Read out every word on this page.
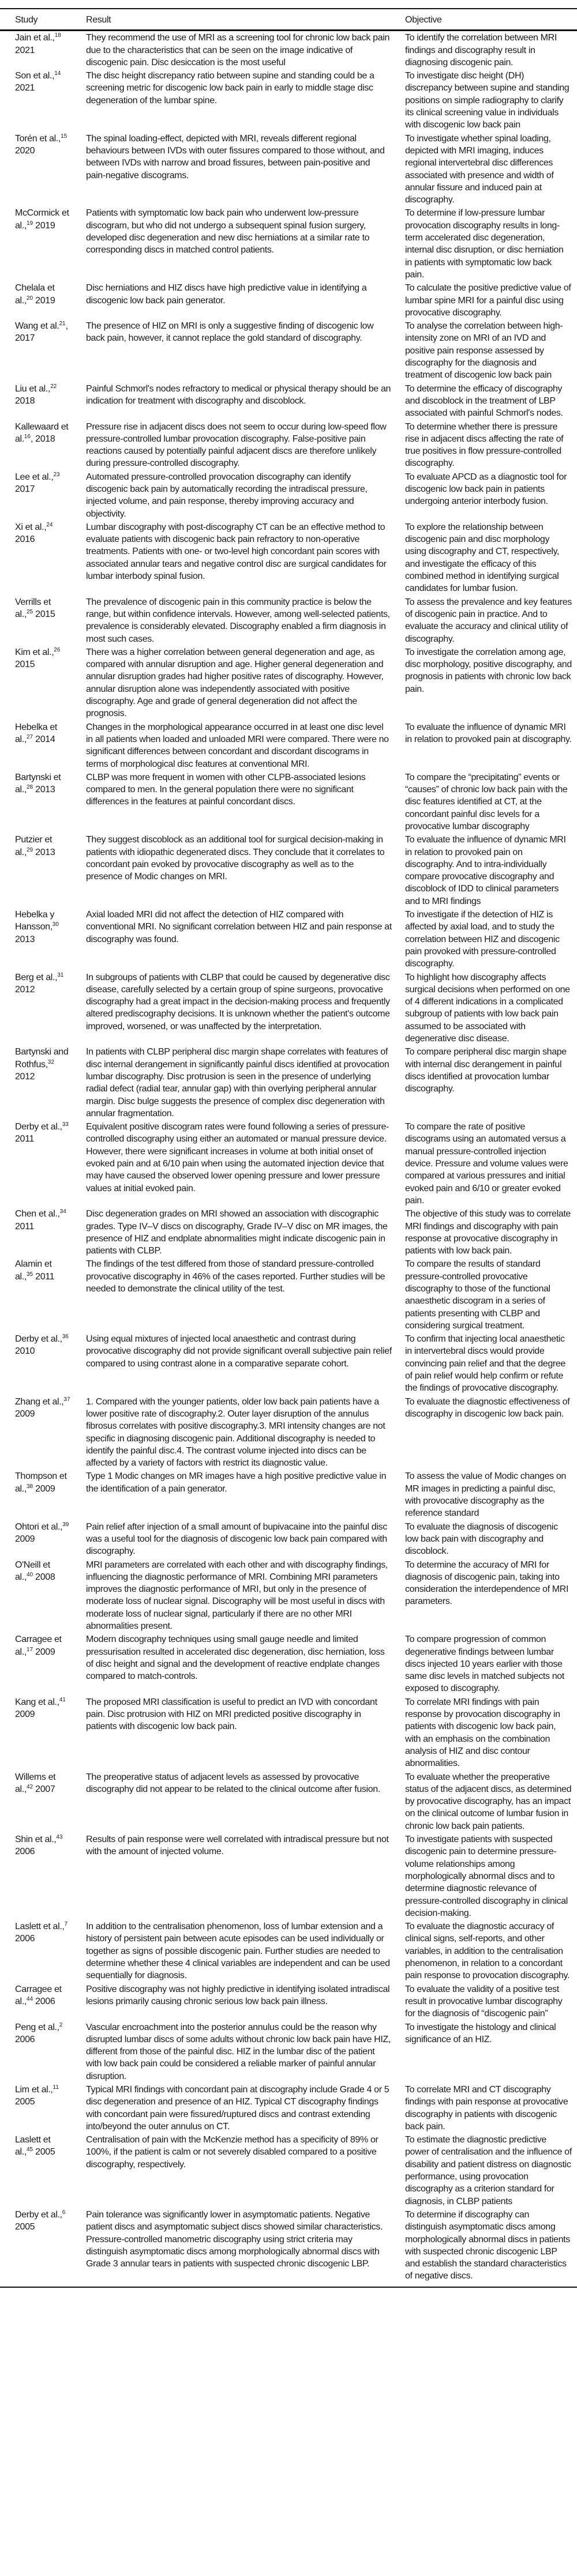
Study	Result	Objective
Jain et al.,$^{18}$ 2021
They recommend the use of MRI as a screening tool for chronic low back pain due to the characteristics that can be seen on the image indicative of discogenic pain. Disc desiccation is the most useful
To identify the correlation between MRI findings and discography result in diagnosing discogenic pain.
Son et al.,$^{14}$ 2021
The disc height discrepancy ratio between supine and standing could be a screening metric for discogenic low back pain in early to middle stage disc degeneration of the lumbar spine.
To investigate disc height (DH) discrepancy between supine and standing positions on simple radiography to clarify its clinical screening value in individuals with discogenic low back pain
Torén et al.,$^{15}$ 2020
The spinal loading-effect, depicted with MRI, reveals different regional behaviours between IVDs with outer fissures compared to those without, and between IVDs with narrow and broad fissures, between pain-positive and pain-negative discograms.
To investigate whether spinal loading, depicted with MRI imaging, induces regional intervertebral disc differences associated with presence and width of annular fissure and induced pain at discography.
McCormick et al.,$^{19}$ 2019
Patients with symptomatic low back pain who underwent low-pressure discogram, but who did not undergo a subsequent spinal fusion surgery, developed disc degeneration and new disc herniations at a similar rate to corresponding discs in matched control patients.
To determine if low-pressure lumbar provocation discography results in long-term accelerated disc degeneration, internal disc disruption, or disc herniation in patients with symptomatic low back pain.
Chelala et al.,$^{20}$ 2019
Disc herniations and HIZ discs have high predictive value in identifying a discogenic low back pain generator.
To calculate the positive predictive value of lumbar spine MRI for a painful disc using provocative discography.
Wang et al.$^{21}$, 2017
The presence of HIZ on MRI is only a suggestive finding of discogenic low back pain, however, it cannot replace the gold standard of discography.
To analyse the correlation between high-intensity zone on MRI of an IVD and positive pain response assessed by discography for the diagnosis and treatment of discogenic low back pain
Liu et al.,$^{22}$ 2018
Painful Schmorl's nodes refractory to medical or physical therapy should be an indication for treatment with discography and discoblock.
To determine the efficacy of discography and discoblock in the treatment of LBP associated with painful Schmorl's nodes.
Kallewaard et al.$^{16}$, 2018
Pressure rise in adjacent discs does not seem to occur during low-speed flow pressure-controlled lumbar provocation discography. False-positive pain reactions caused by potentially painful adjacent discs are therefore unlikely during pressure-controlled discography.
To determine whether there is pressure rise in adjacent discs affecting the rate of true positives in flow pressure-controlled discography.
Lee et al.,$^{23}$ 2017
Automated pressure-controlled provocation discography can identify discogenic back pain by automatically recording the intradiscal pressure, injected volume, and pain response, thereby improving accuracy and objectivity.
To evaluate APCD as a diagnostic tool for discogenic low back pain in patients undergoing anterior interbody fusion.
Xi et al.,$^{24}$ 2016
Lumbar discography with post-discography CT can be an effective method to evaluate patients with discogenic back pain refractory to non-operative treatments. Patients with one- or two-level high concordant pain scores with associated annular tears and negative control disc are surgical candidates for lumbar interbody spinal fusion.
To explore the relationship between discogenic pain and disc morphology using discography and CT, respectively, and investigate the efficacy of this combined method in identifying surgical candidates for lumbar fusion.
Verrills et al.,$^{25}$ 2015
The prevalence of discogenic pain in this community practice is below the range, but within confidence intervals. However, among well-selected patients, prevalence is considerably elevated. Discography enabled a firm diagnosis in most such cases.
To assess the prevalence and key features of discogenic pain in practice. And to evaluate the accuracy and clinical utility of discography.
Kim et al.,$^{26}$ 2015
There was a higher correlation between general degeneration and age, as compared with annular disruption and age. Higher general degeneration and annular disruption grades had higher positive rates of discography. However, annular disruption alone was independently associated with positive discography. Age and grade of general degeneration did not affect the prognosis.
To investigate the correlation among age, disc morphology, positive discography, and prognosis in patients with chronic low back pain.
Hebelka et al.,$^{27}$ 2014
Changes in the morphological appearance occurred in at least one disc level in all patients when loaded and unloaded MRI were compared. There were no significant differences between concordant and discordant discograms in terms of morphological disc features at conventional MRI.
To evaluate the influence of dynamic MRI in relation to provoked pain at discography.
Bartynski et al.,$^{28}$ 2013
CLBP was more frequent in women with other CLPB-associated lesions compared to men. In the general population there were no significant differences in the features at painful concordant discs.
To compare the “precipitating” events or “causes” of chronic low back pain with the disc features identified at CT, at the concordant painful disc levels for a provocative lumbar discography
Putzier et al.,$^{29}$ 2013
They suggest discoblock as an additional tool for surgical decision-making in patients with idiopathic degenerated discs. They conclude that it correlates to concordant pain evoked by provocative discography as well as to the presence of Modic changes on MRI.
To evaluate the influence of dynamic MRI in relation to provoked pain on discography. And to intra-individually compare provocative discography and discoblock of IDD to clinical parameters and to MRI findings
Hebelka y Hansson,$^{30}$ 2013
Axial loaded MRI did not affect the detection of HIZ compared with conventional MRI. No significant correlation between HIZ and pain response at discography was found.
To investigate if the detection of HIZ is affected by axial load, and to study the correlation between HIZ and discogenic pain provoked with pressure-controlled discography.
Berg et al.,$^{31}$ 2012
In subgroups of patients with CLBP that could be caused by degenerative disc disease, carefully selected by a certain group of spine surgeons, provocative discography had a great impact in the decision-making process and frequently altered prediscography decisions. It is unknown whether the patient's outcome improved, worsened, or was unaffected by the interpretation.
To highlight how discography affects surgical decisions when performed on one of 4 different indications in a complicated subgroup of patients with low back pain assumed to be associated with degenerative disc disease.
Bartynski and Rothfus,$^{32}$ 2012
In patients with CLBP peripheral disc margin shape correlates with features of disc internal derangement in significantly painful discs identified at provocation lumbar discography. Disc protrusion is seen in the presence of underlying radial defect (radial tear, annular gap) with thin overlying peripheral annular margin. Disc bulge suggests the presence of complex disc degeneration with annular fragmentation.
To compare peripheral disc margin shape with internal disc derangement in painful discs identified at provocation lumbar discography.
Derby et al.,$^{33}$ 2011
Equivalent positive discogram rates were found following a series of pressure-controlled discography using either an automated or manual pressure device. However, there were significant increases in volume at both initial onset of evoked pain and at 6/10 pain when using the automated injection device that may have caused the observed lower opening pressure and lower pressure values at initial evoked pain.
To compare the rate of positive discograms using an automated versus a manual pressure-controlled injection device. Pressure and volume values were compared at various pressures and initial evoked pain and 6/10 or greater evoked pain.
Chen et al.,$^{34}$ 2011
Disc degeneration grades on MRI showed an association with discographic grades. Type IV–V discs on discography, Grade IV–V disc on MR images, the presence of HIZ and endplate abnormalities might indicate discogenic pain in patients with CLBP.
The objective of this study was to correlate MRI findings and discography with pain response at provocative discography in patients with low back pain.
Alamin et al.,$^{35}$ 2011
The findings of the test differed from those of standard pressure-controlled provocative discography in 46% of the cases reported. Further studies will be needed to demonstrate the clinical utility of the test.
To compare the results of standard pressure-controlled provocative discography to those of the functional anaesthetic discogram in a series of patients presenting with CLBP and considering surgical treatment.
Derby et al.,$^{36}$ 2010
Using equal mixtures of injected local anaesthetic and contrast during provocative discography did not provide significant overall subjective pain relief compared to using contrast alone in a comparative separate cohort.
To confirm that injecting local anaesthetic in intervertebral discs would provide convincing pain relief and that the degree of pain relief would help confirm or refute the findings of provocative discography.
Zhang et al.,$^{37}$ 2009
1. Compared with the younger patients, older low back pain patients have a lower positive rate of discography.2. Outer layer disruption of the annulus fibrosus correlates with positive discography.3. MRI intensity changes are not specific in diagnosing discogenic pain. Additional discography is needed to identify the painful disc.4. The contrast volume injected into discs can be affected by a variety of factors with restrict its diagnostic value.
To evaluate the diagnostic effectiveness of discography in discogenic low back pain.
Thompson et al.,$^{38}$ 2009
Type 1 Modic changes on MR images have a high positive predictive value in the identification of a pain generator.
To assess the value of Modic changes on MR images in predicting a painful disc, with provocative discography as the reference standard
Ohtori et al.,$^{39}$ 2009
Pain relief after injection of a small amount of bupivacaine into the painful disc was a useful tool for the diagnosis of discogenic low back pain compared with discography.
To evaluate the diagnosis of discogenic low back pain with discography and discoblock.
O'Neill et al.,$^{40}$ 2008
MRI parameters are correlated with each other and with discography findings, influencing the diagnostic performance of MRI. Combining MRI parameters improves the diagnostic performance of MRI, but only in the presence of moderate loss of nuclear signal. Discography will be most useful in discs with moderate loss of nuclear signal, particularly if there are no other MRI abnormalities present.
To determine the accuracy of MRI for diagnosis of discogenic pain, taking into consideration the interdependence of MRI parameters.
Carragee et al.,$^{17}$ 2009
Modern discography techniques using small gauge needle and limited pressurisation resulted in accelerated disc degeneration, disc herniation, loss of disc height and signal and the development of reactive endplate changes compared to match-controls.
To compare progression of common degenerative findings between lumbar discs injected 10 years earlier with those same disc levels in matched subjects not exposed to discography.
Kang et al.,$^{41}$ 2009
The proposed MRI classification is useful to predict an IVD with concordant pain. Disc protrusion with HIZ on MRI predicted positive discography in patients with discogenic low back pain.
To correlate MRI findings with pain response by provocation discography in patients with discogenic low back pain, with an emphasis on the combination analysis of HIZ and disc contour abnormalities.
Willems et al.,$^{42}$ 2007
The preoperative status of adjacent levels as assessed by provocative discography did not appear to be related to the clinical outcome after fusion.
To evaluate whether the preoperative status of the adjacent discs, as determined by provocative discography, has an impact on the clinical outcome of lumbar fusion in chronic low back pain patients.
Shin et al.,$^{43}$ 2006
Results of pain response were well correlated with intradiscal pressure but not with the amount of injected volume.
To investigate patients with suspected discogenic pain to determine pressure-volume relationships among morphologically abnormal discs and to determine diagnostic relevance of pressure-controlled discography in clinical decision-making.
Laslett et al.,$^7$ 2006
In addition to the centralisation phenomenon, loss of lumbar extension and a history of persistent pain between acute episodes can be used individually or together as signs of possible discogenic pain. Further studies are needed to determine whether these 4 clinical variables are independent and can be used sequentially for diagnosis.
To evaluate the diagnostic accuracy of clinical signs, self-reports, and other variables, in addition to the centralisation phenomenon, in relation to a concordant pain response to provocation discography.
Carragee et al.,$^{44}$ 2006
Positive discography was not highly predictive in identifying isolated intradiscal lesions primarily causing chronic serious low back pain illness.
To evaluate the validity of a positive test result in provocative lumbar discography for the diagnosis of “discogenic pain”
Peng et al.,$^2$ 2006
Vascular encroachment into the posterior annulus could be the reason why disrupted lumbar discs of some adults without chronic low back pain have HIZ, different from those of the painful disc. HIZ in the lumbar disc of the patient with low back pain could be considered a reliable marker of painful annular disruption.
To investigate the histology and clinical significance of an HIZ.
Lim et al.,$^{11}$ 2005
Typical MRI findings with concordant pain at discography include Grade 4 or 5 disc degeneration and presence of an HIZ. Typical CT discography findings with concordant pain were fissured/ruptured discs and contrast extending into/beyond the outer annulus on CT.
To correlate MRI and CT discography findings with pain response at provocative discography in patients with discogenic back pain.
Laslett et al.,$^{45}$ 2005
Centralisation of pain with the McKenzie method has a specificity of 89% or 100%, if the patient is calm or not severely disabled compared to a positive discography, respectively.
To estimate the diagnostic predictive power of centralisation and the influence of disability and patient distress on diagnostic performance, using provocation discography as a criterion standard for diagnosis, in CLBP patients
Derby et al.,$^6$ 2005
Pain tolerance was significantly lower in asymptomatic patients. Negative patient discs and asymptomatic subject discs showed similar characteristics. Pressure-controlled manometric discography using strict criteria may distinguish asymptomatic discs among morphologically abnormal discs with Grade 3 annular tears in patients with suspected chronic discogenic LBP.
To determine if discography can distinguish asymptomatic discs among morphologically abnormal discs in patients with suspected chronic discogenic LBP and establish the standard characteristics of negative discs.
